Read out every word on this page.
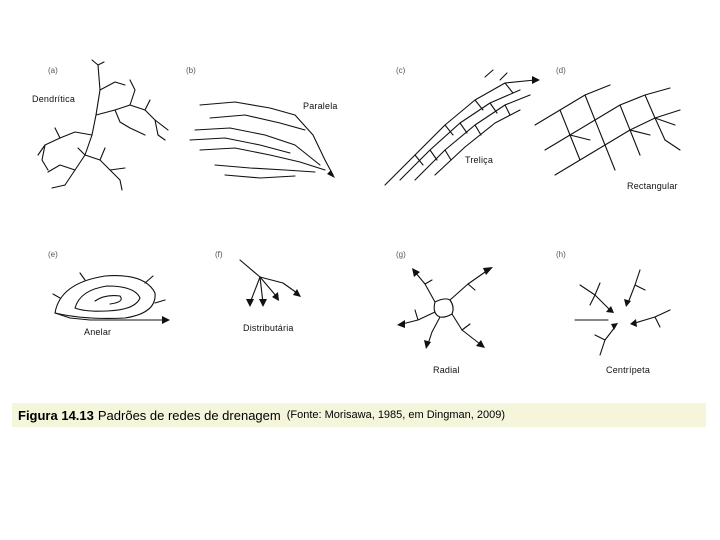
(a)
Dendrítica
(b)
Paralela
(c)
Treliça
(d)
Rectangular
(e)
Anelar
(f)
Distributária
(g)
Radial
(h)
Centrípeta
Figura 14.13 Padrões de redes de drenagem (Fonte: Morisawa, 1985, em Dingman, 2009)
